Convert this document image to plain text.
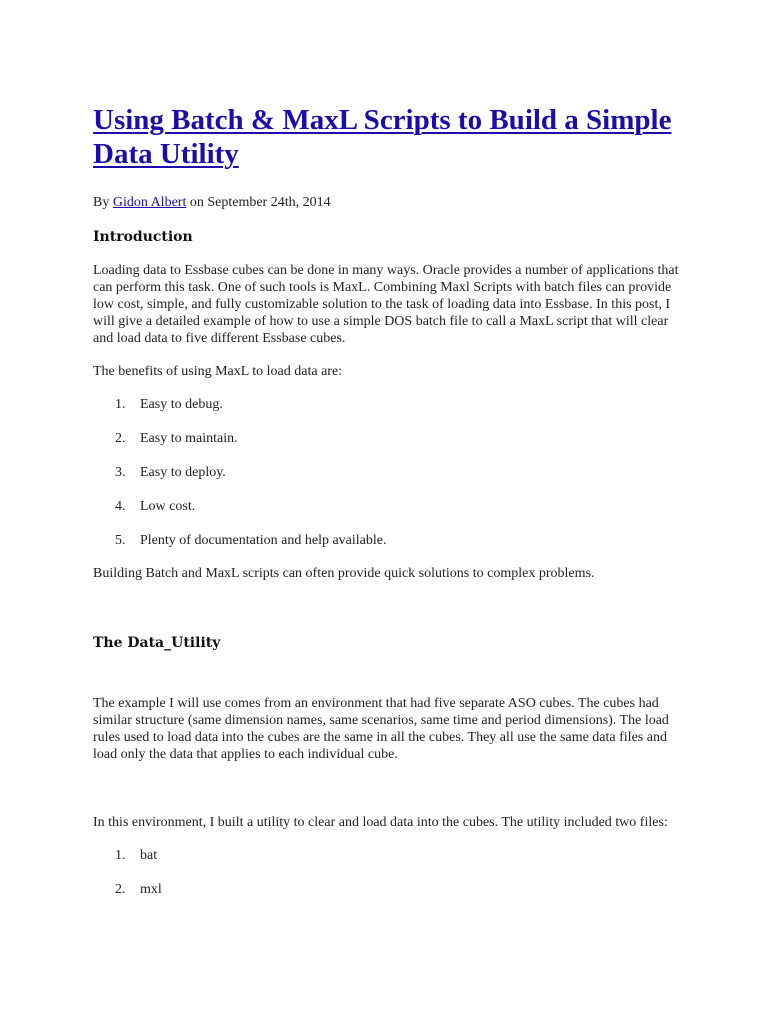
Using Batch & MaxL Scripts to Build a Simple Data Utility

By Gidon Albert on September 24th, 2014

Introduction

Loading data to Essbase cubes can be done in many ways. Oracle provides a number of applications that can perform this task. One of such tools is MaxL. Combining Maxl Scripts with batch files can provide low cost, simple, and fully customizable solution to the task of loading data into Essbase. In this post, I will give a detailed example of how to use a simple DOS batch file to call a MaxL script that will clear and load data to five different Essbase cubes.

The benefits of using MaxL to load data are:

1. Easy to debug.
2. Easy to maintain.
3. Easy to deploy.
4. Low cost.
5. Plenty of documentation and help available.

Building Batch and MaxL scripts can often provide quick solutions to complex problems.

The Data_Utility

The example I will use comes from an environment that had five separate ASO cubes. The cubes had similar structure (same dimension names, same scenarios, same time and period dimensions). The load rules used to load data into the cubes are the same in all the cubes. They all use the same data files and load only the data that applies to each individual cube.

In this environment, I built a utility to clear and load data into the cubes. The utility included two files:

1. bat
2. mxl
